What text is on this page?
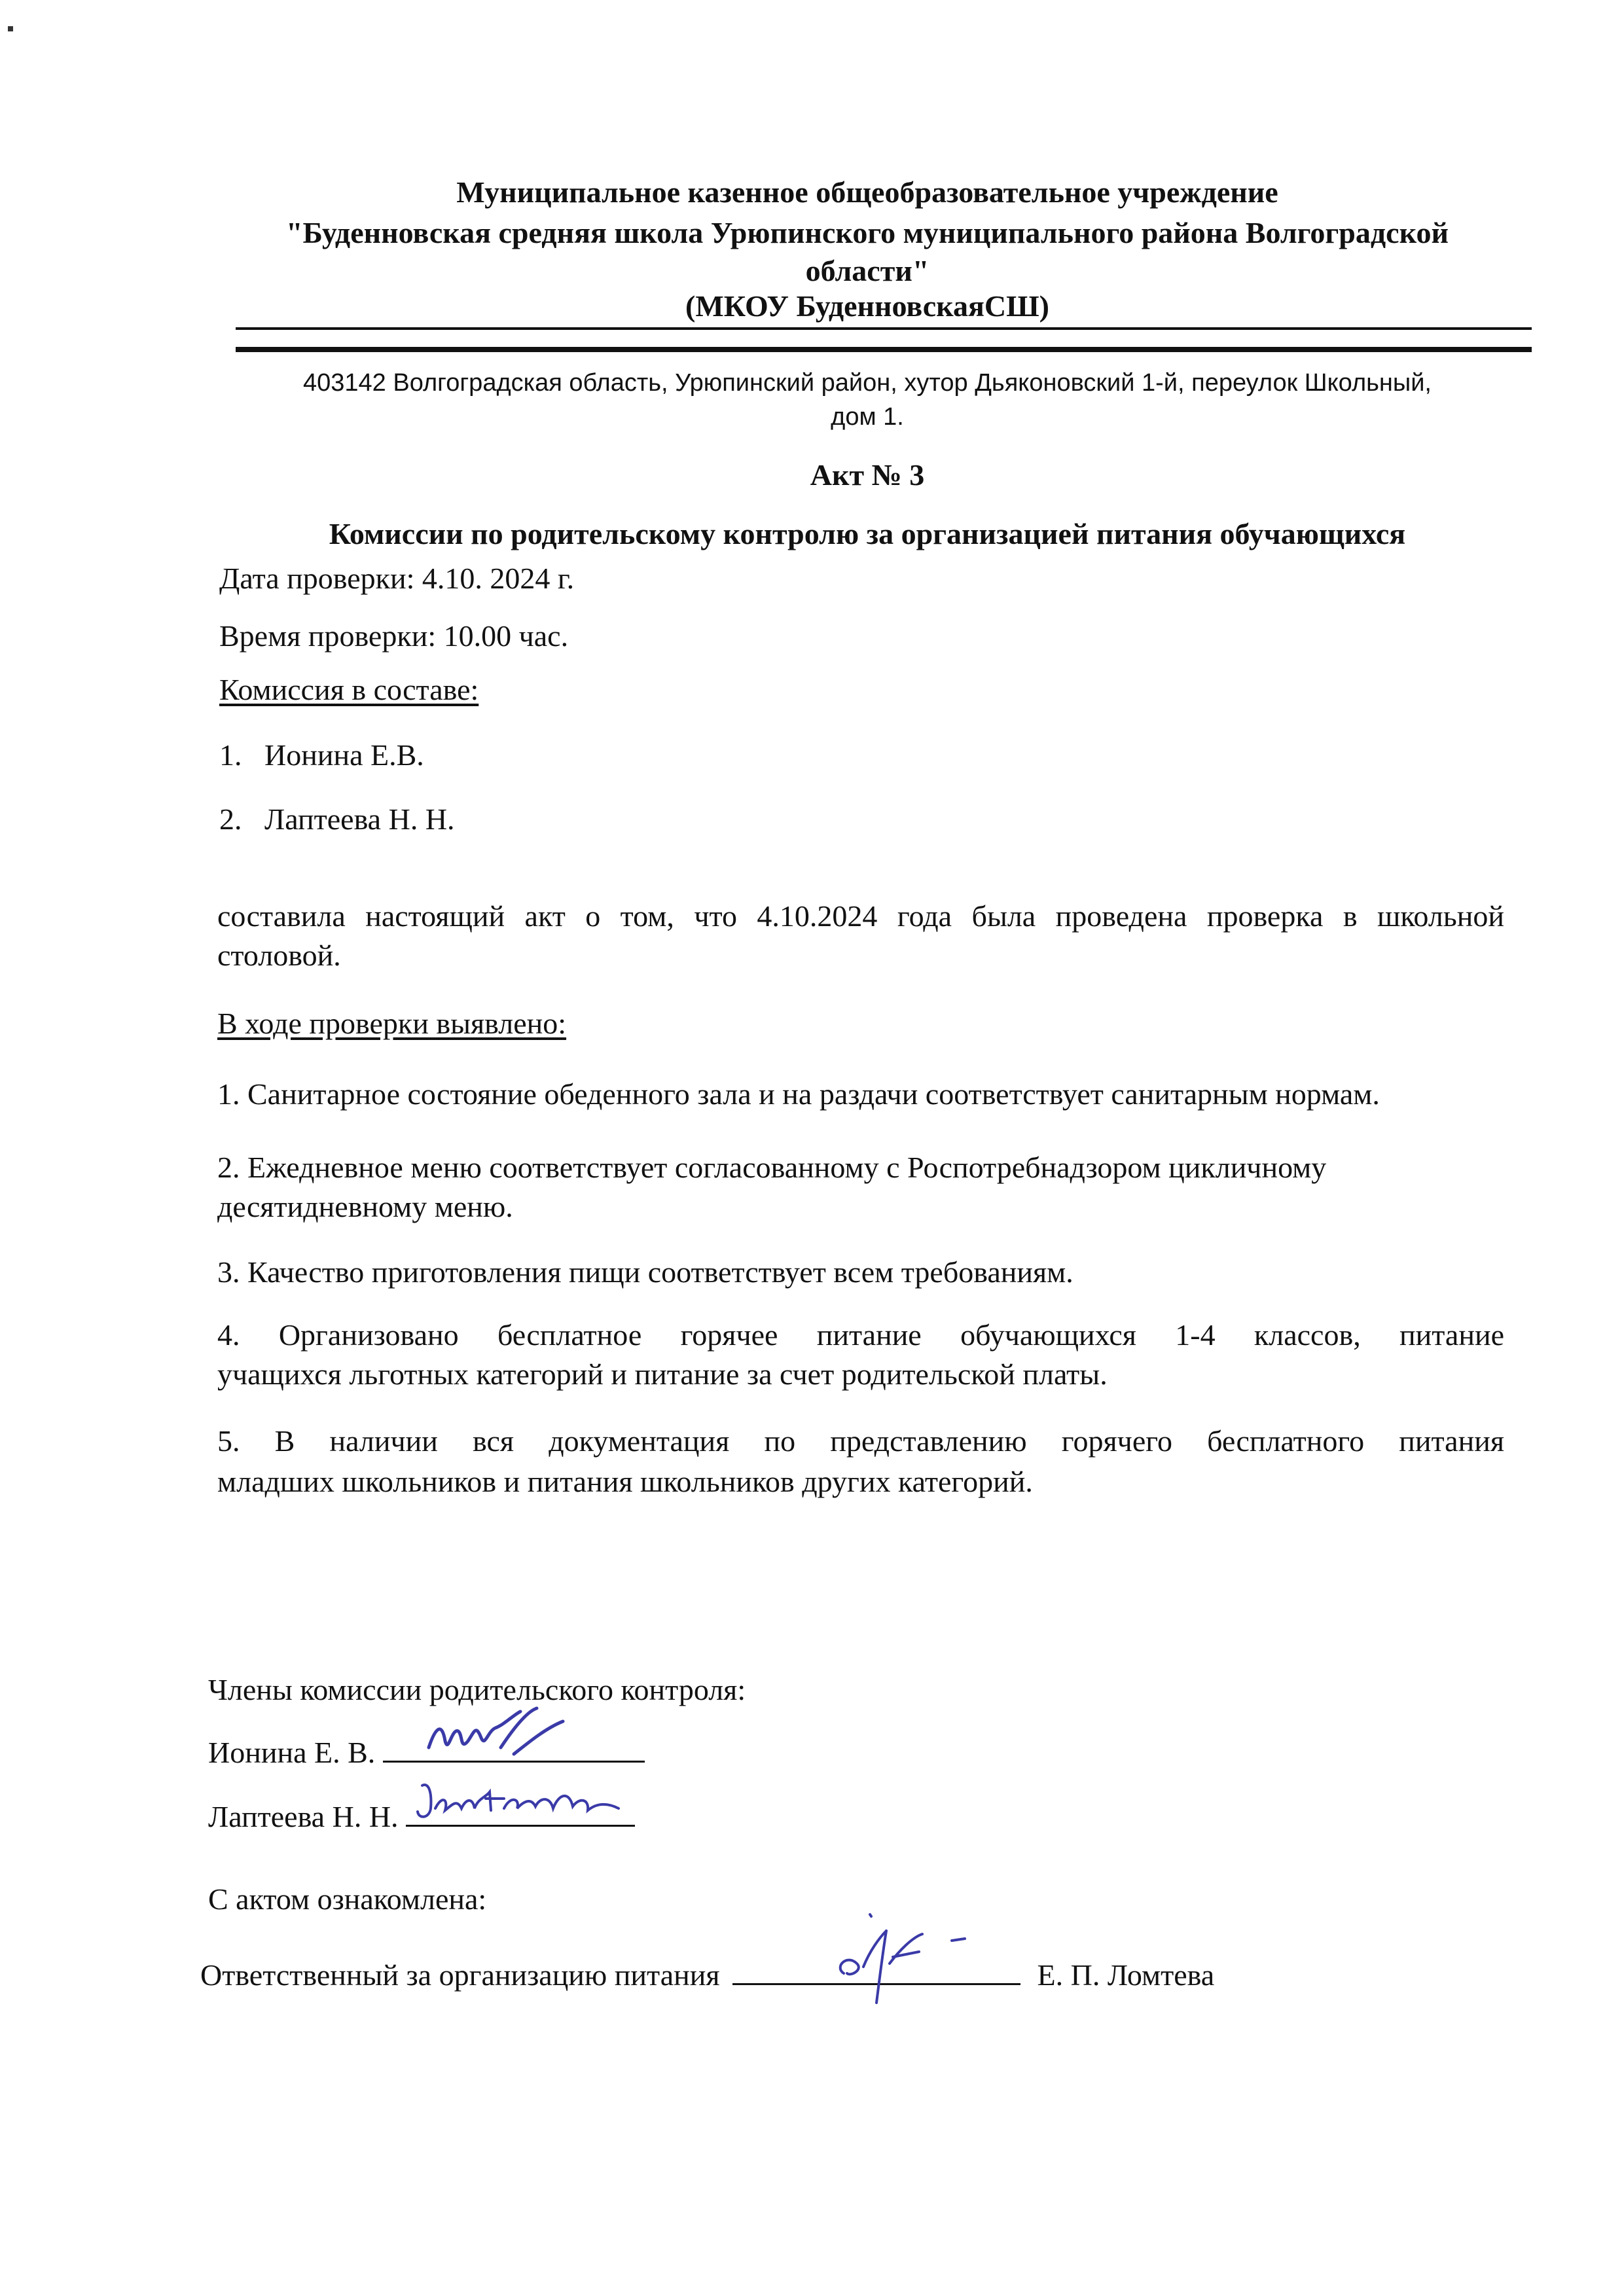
Муниципальное казенное общеобразовательное учреждение
"Буденновская средняя школа Урюпинского муниципального района Волгоградской
области"
(МКОУ БуденновскаяСШ)
403142 Волгоградская область, Урюпинский район, хутор Дьяконовский 1-й, переулок Школьный,
дом 1.
Акт № 3
Комиссии по родительскому контролю за организацией питания обучающихся
Дата проверки: 4.10. 2024 г.
Время проверки: 10.00 час.
Комиссия в составе:
1. Ионина Е.В.
2. Лаптеева Н. Н.
составила настоящий акт о том, что 4.10.2024 года была проведена проверка в школьной
столовой.
В ходе проверки выявлено:
1. Санитарное состояние обеденного зала и на раздачи соответствует санитарным нормам.
2. Ежедневное меню соответствует согласованному с Роспотребнадзором цикличному
десятидневному меню.
3. Качество приготовления пищи соответствует всем требованиям.
4. Организовано бесплатное горячее питание обучающихся 1-4 классов, питание
учащихся льготных категорий и питание за счет родительской платы.
5. В наличии вся документация по представлению горячего бесплатного питания
младших школьников и питания школьников других категорий.
Члены комиссии родительского контроля:
Ионина Е. В.
Лаптеева Н. Н.
С актом ознакомлена:
Ответственный за организацию питания	Е. П. Ломтева
